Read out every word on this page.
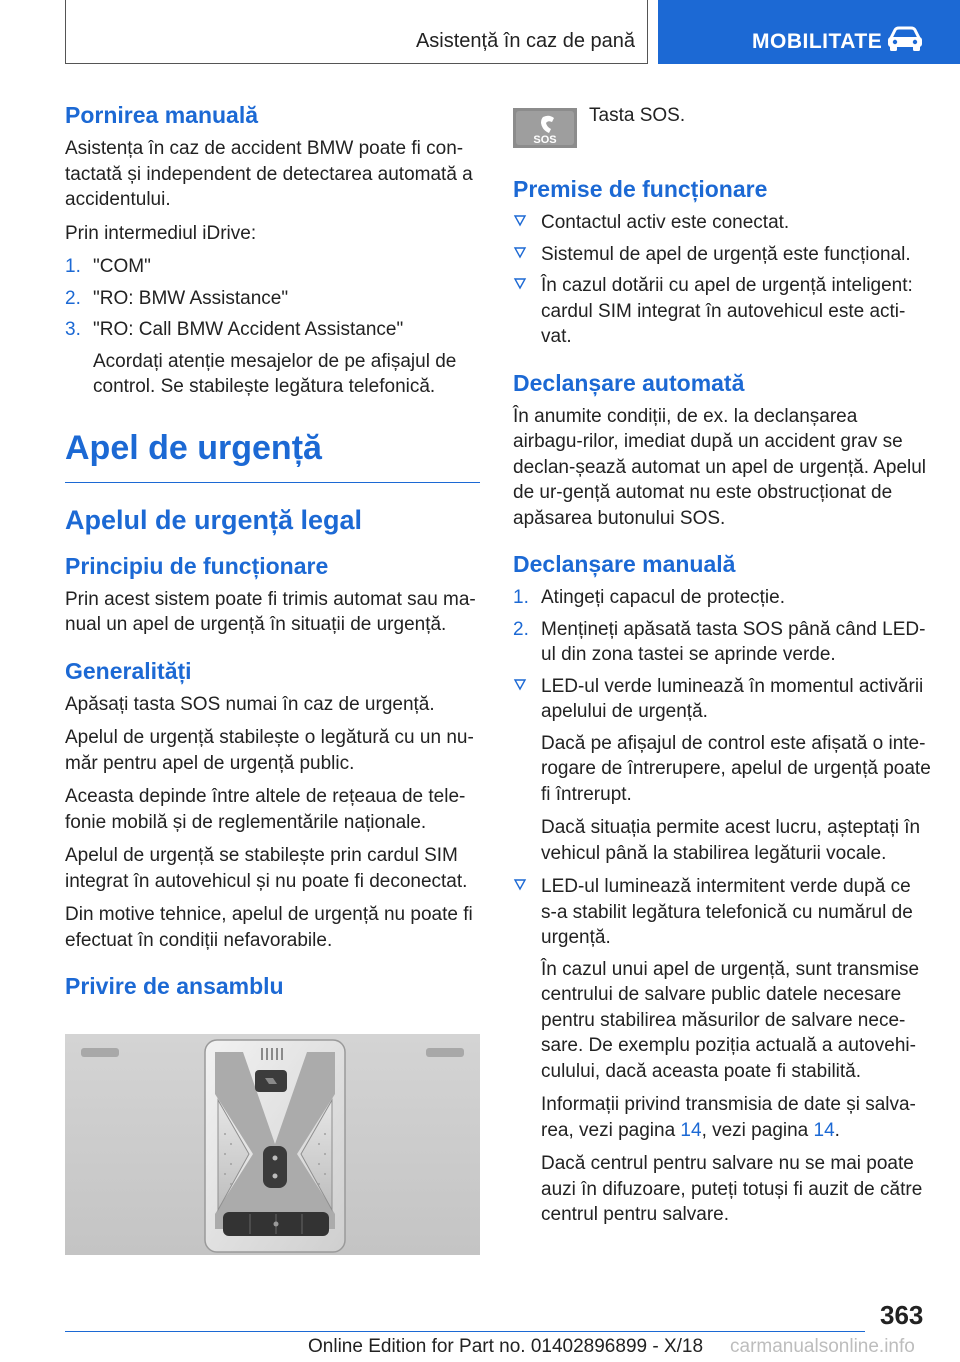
Asistență în caz de pană	MOBILITATE
Pornirea manuală

Asistența în caz de accident BMW poate fi con-tactată și independent de detectarea automată a accidentului.

Prin intermediul iDrive:

1. "COM"
2. "RO: BMW Assistance"
3. "RO: Call BMW Accident Assistance"

Acordați atenție mesajelor de pe afișajul de control. Se stabilește legătura telefonică.

Apel de urgență
Apelul de urgență legal
Principiu de funcționare

Prin acest sistem poate fi trimis automat sau ma-nual un apel de urgență în situații de urgență.

Generalități

Apăsați tasta SOS numai în caz de urgență.

Apelul de urgență stabilește o legătură cu un nu-măr pentru apel de urgență public.

Aceasta depinde între altele de rețeaua de tele-fonie mobilă și de reglementările naționale.

Apelul de urgență se stabilește prin cardul SIM integrat în autovehicul și nu poate fi deconectat.

Din motive tehnice, apelul de urgență nu poate fi efectuat în condiții nefavorabile.

Privire de ansamblu
SOS
Tasta SOS.
Premise de funcționare
Contactul activ este conectat.
Sistemul de apel de urgență este funcțional.
În cazul dotării cu apel de urgență inteligent: cardul SIM integrat în autovehicul este acti-vat.
Declanșare automată

În anumite condiții, de ex. la declanșarea airbagu-rilor, imediat după un accident grav se declan-șează automat un apel de urgență. Apelul de ur-gență automat nu este obstrucționat de apăsarea butonului SOS.

Declanșare manuală
1. Atingeți capacul de protecție.
2. Mențineți apăsată tasta SOS până când LED-ul din zona tastei se aprinde verde.
LED-ul verde luminează în momentul activării apelului de urgență.

Dacă pe afișajul de control este afișată o inte-rogare de întrerupere, apelul de urgență poate fi întrerupt.

Dacă situația permite acest lucru, așteptați în vehicul până la stabilirea legăturii vocale.

LED-ul luminează intermitent verde după ce s-a stabilit legătura telefonică cu numărul de urgență.

În cazul unui apel de urgență, sunt transmise centrului de salvare public datele necesare pentru stabilirea măsurilor de salvare nece-sare. De exemplu poziția actuală a autovehi-culului, dacă aceasta poate fi stabilită.

Informații privind transmisia de date și salva-rea, vezi pagina 14, vezi pagina 14.

Dacă centrul pentru salvare nu se mai poate auzi în difuzoare, puteți totuși fi auzit de către centrul pentru salvare.

363
Online Edition for Part no. 01402896899 - X/18 carmanualsonline.info
